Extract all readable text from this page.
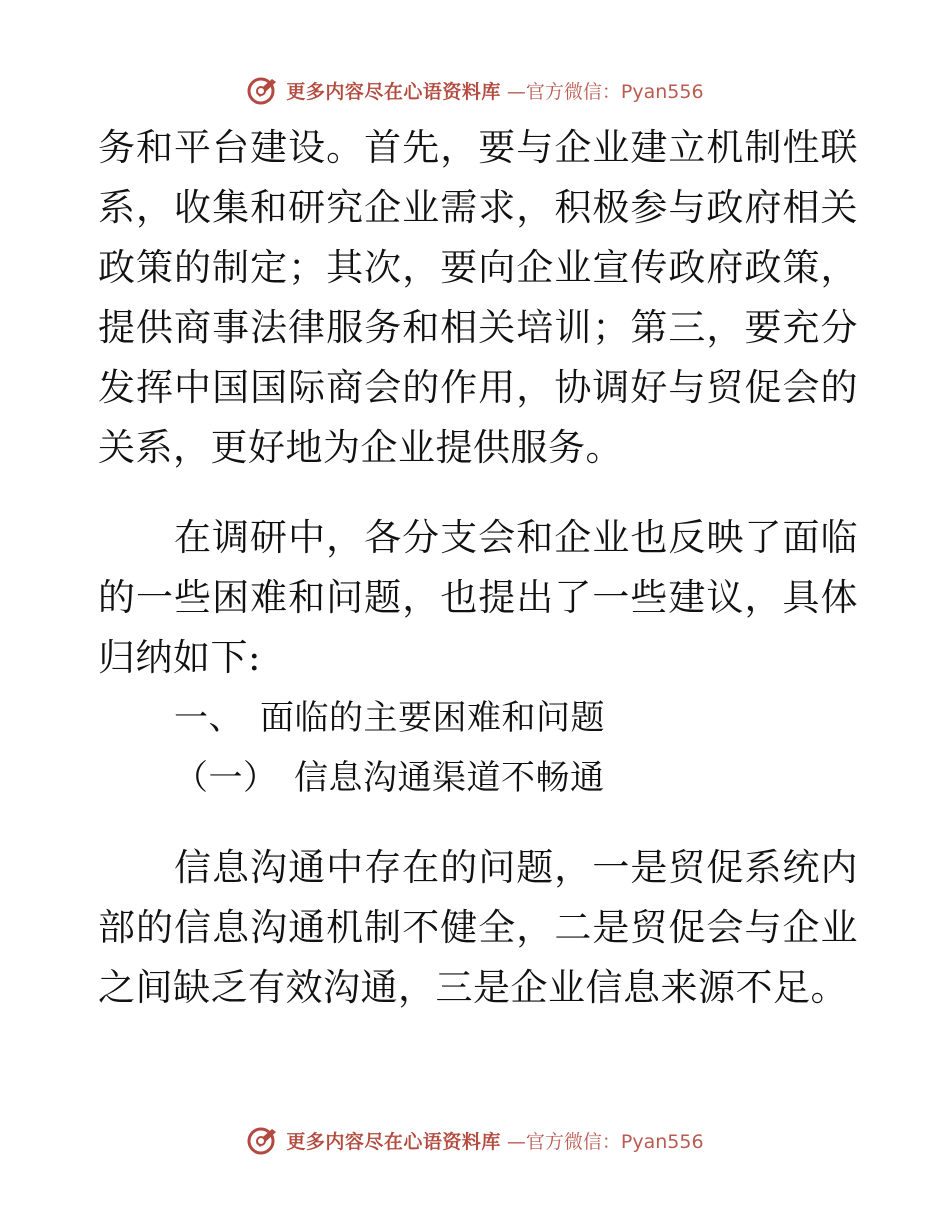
更多内容尽在心语资料库 —官方微信：Pyan556

务和平台建设。首先，要与企业建立机制性联系，收集和研究企业需求，积极参与政府相关政策的制定；其次，要向企业宣传政府政策，提供商事法律服务和相关培训；第三，要充分发挥中国国际商会的作用，协调好与贸促会的关系，更好地为企业提供服务。

在调研中，各分支会和企业也反映了面临的一些困难和问题，也提出了一些建议，具体归纳如下:

一、 面临的主要困难和问题

（一） 信息沟通渠道不畅通

信息沟通中存在的问题，一是贸促系统内部的信息沟通机制不健全，二是贸促会与企业之间缺乏有效沟通，三是企业信息来源不足。

更多内容尽在心语资料库 —官方微信：Pyan556
